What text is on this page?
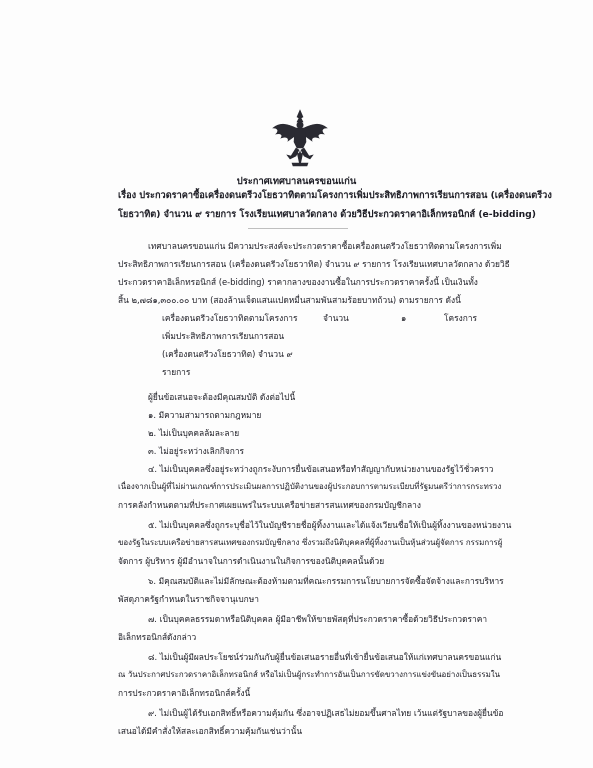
ประกาศเทศบาลนครขอนแก่น
เรื่อง ประกวดราคาซื้อเครื่องดนตรีวงโยธวาทิตตามโครงการเพิ่มประสิทธิภาพการเรียนการสอน (เครื่องดนตรีวง
โยธวาทิต) จำนวน ๙ รายการ โรงเรียนเทศบาลวัดกลาง ด้วยวิธีประกวดราคาอิเล็กทรอนิกส์ (e-bidding)
เทศบาลนครขอนแก่น มีความประสงค์จะประกวดราคาซื้อเครื่องดนตรีวงโยธวาทิตตามโครงการเพิ่ม
ประสิทธิภาพการเรียนการสอน (เครื่องดนตรีวงโยธวาทิต) จำนวน ๙ รายการ โรงเรียนเทศบาลวัดกลาง ด้วยวิธี
ประกวดราคาอิเล็กทรอนิกส์ (e-bidding) ราคากลางของงานซื้อในการประกวดราคาครั้งนี้ เป็นเงินทั้ง
สิ้น ๒,๗๘๑,๓๐๐.๐๐ บาท (สองล้านเจ็ดแสนแปดหมื่นสามพันสามร้อยบาทถ้วน) ตามรายการ ดังนี้
เครื่องดนตรีวงโยธวาทิตตามโครงการ
เพิ่มประสิทธิภาพการเรียนการสอน
(เครื่องดนตรีวงโยธวาทิต) จำนวน ๙
รายการ
จำนวน	๑	โครงการ
ผู้ยื่นข้อเสนอจะต้องมีคุณสมบัติ ดังต่อไปนี้
๑. มีความสามารถตามกฎหมาย
๒. ไม่เป็นบุคคลล้มละลาย
๓. ไม่อยู่ระหว่างเลิกกิจการ
๔. ไม่เป็นบุคคลซึ่งอยู่ระหว่างถูกระงับการยื่นข้อเสนอหรือทำสัญญากับหน่วยงานของรัฐไว้ชั่วคราว
เนื่องจากเป็นผู้ที่ไม่ผ่านเกณฑ์การประเมินผลการปฏิบัติงานของผู้ประกอบการตามระเบียบที่รัฐมนตรีว่าการกระทรวง
การคลังกำหนดตามที่ประกาศเผยแพร่ในระบบเครือข่ายสารสนเทศของกรมบัญชีกลาง
๕. ไม่เป็นบุคคลซึ่งถูกระบุชื่อไว้ในบัญชีรายชื่อผู้ทิ้งงานและได้แจ้งเวียนชื่อให้เป็นผู้ทิ้งงานของหน่วยงาน
ของรัฐในระบบเครือข่ายสารสนเทศของกรมบัญชีกลาง ซึ่งรวมถึงนิติบุคคลที่ผู้ทิ้งงานเป็นหุ้นส่วนผู้จัดการ กรรมการผู้
จัดการ ผู้บริหาร ผู้มีอำนาจในการดำเนินงานในกิจการของนิติบุคคลนั้นด้วย
๖. มีคุณสมบัติและไม่มีลักษณะต้องห้ามตามที่คณะกรรมการนโยบายการจัดซื้อจัดจ้างและการบริหาร
พัสดุภาครัฐกำหนดในราชกิจจานุเบกษา
๗. เป็นบุคคลธรรมดาหรือนิติบุคคล ผู้มีอาชีพให้ขายพัสดุที่ประกวดราคาซื้อด้วยวิธีประกวดราคา
อิเล็กทรอนิกส์ดังกล่าว
๘. ไม่เป็นผู้มีผลประโยชน์ร่วมกันกับผู้ยื่นข้อเสนอรายอื่นที่เข้ายื่นข้อเสนอให้แก่เทศบาลนครขอนแก่น
ณ วันประกาศประกวดราคาอิเล็กทรอนิกส์ หรือไม่เป็นผู้กระทำการอันเป็นการขัดขวางการแข่งขันอย่างเป็นธรรมใน
การประกวดราคาอิเล็กทรอนิกส์ครั้งนี้
๙. ไม่เป็นผู้ได้รับเอกสิทธิ์หรือความคุ้มกัน ซึ่งอาจปฏิเสธไม่ยอมขึ้นศาลไทย เว้นแต่รัฐบาลของผู้ยื่นข้อ
เสนอได้มีคำสั่งให้สละเอกสิทธิ์ความคุ้มกันเช่นว่านั้น
